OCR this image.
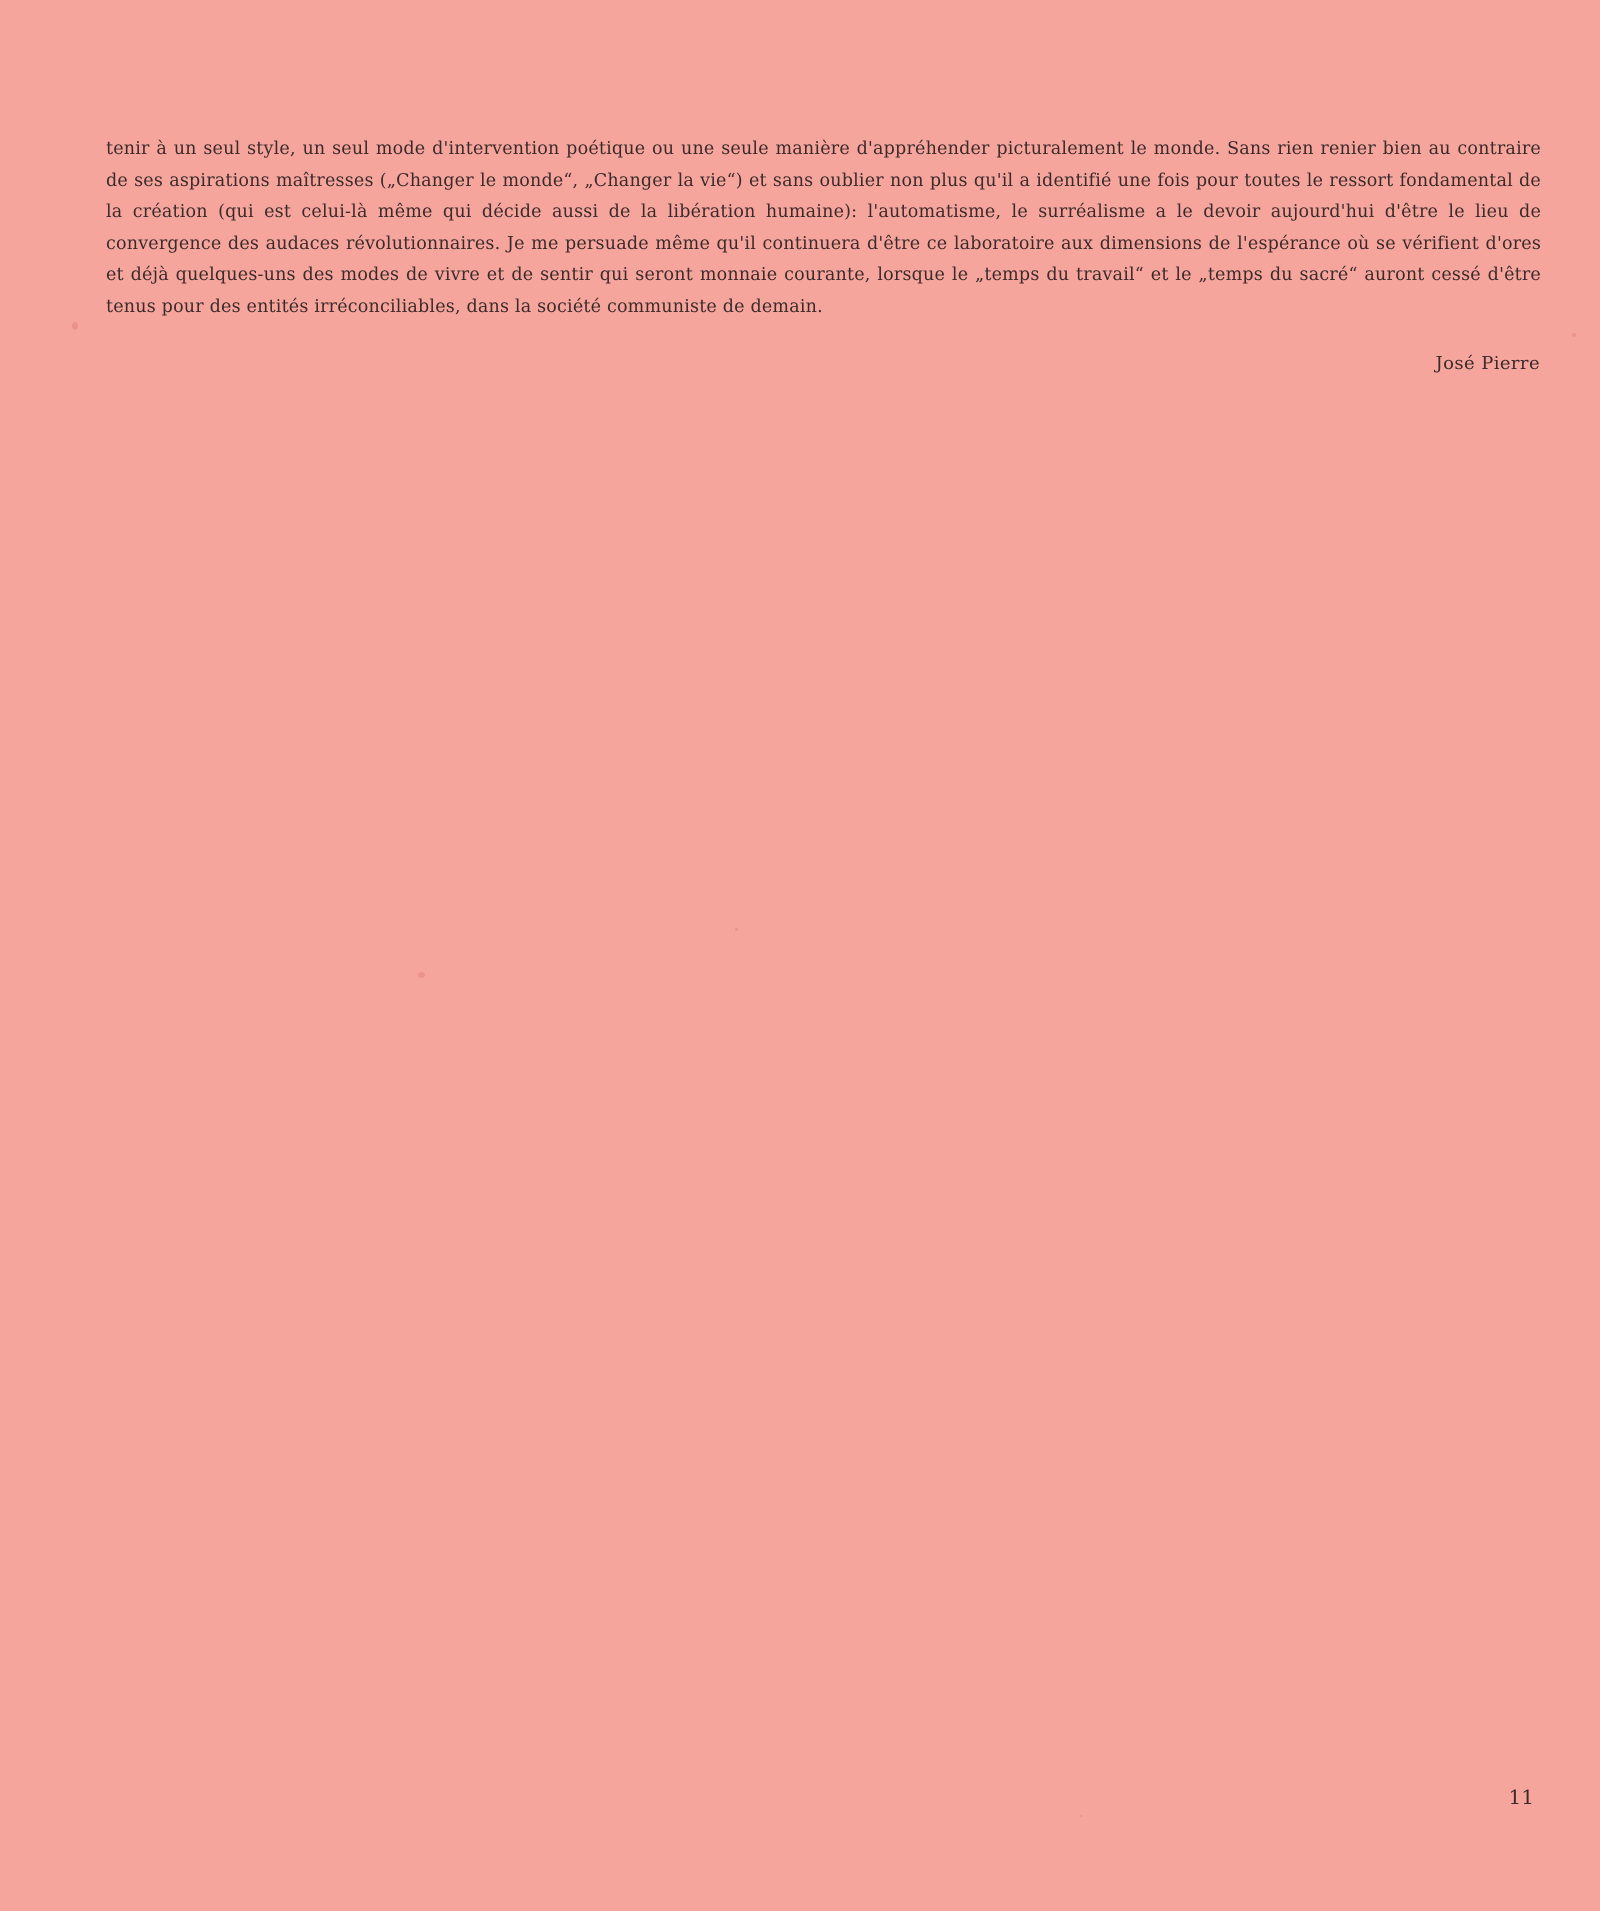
tenir à un seul style, un seul mode d'intervention poétique ou une seule manière d'appréhender picturalement le monde. Sans rien renier bien au contraire de ses aspirations maîtresses („Changer le monde“, „Changer la vie“) et sans oublier non plus qu'il a identifié une fois pour toutes le ressort fondamental de la création (qui est celui-là même qui décide aussi de la libération humaine): l'automatisme, le surréalisme a le devoir aujourd'hui d'être le lieu de convergence des audaces révolutionnaires. Je me persuade même qu'il continuera d'être ce laboratoire aux dimensions de l'espérance où se vérifient d'ores et déjà quelques-uns des modes de vivre et de sentir qui seront monnaie courante, lorsque le „temps du travail“ et le „temps du sacré“ auront cessé d'être tenus pour des entités irréconciliables, dans la société communiste de demain.

José Pierre

11
